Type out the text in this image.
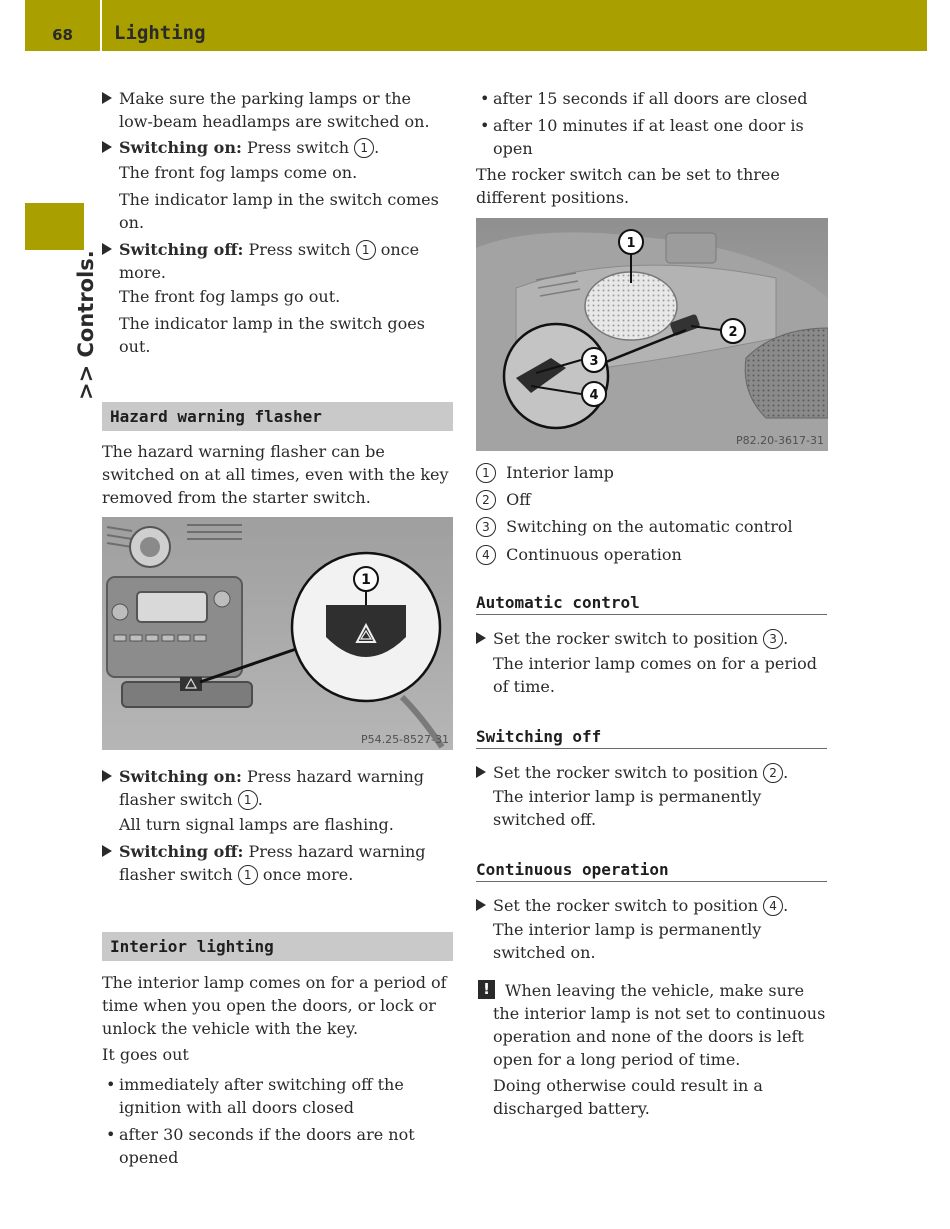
68	Lighting
>> Controls.

Make sure the parking lamps or the low-beam headlamps are switched on.

Switching on: Press switch 1 .

The front fog lamps come on.

The indicator lamp in the switch comes on.

Switching off: Press switch 1 once more.

The front fog lamps go out.

The indicator lamp in the switch goes out.

Hazard warning flasher

The hazard warning flasher can be switched on at all times, even with the key removed from the starter switch.

1
P54.25-8527-31

Switching on: Press hazard warning flasher switch 1 .

All turn signal lamps are flashing.

Switching off: Press hazard warning flasher switch 1 once more.

Interior lighting

The interior lamp comes on for a period of time when you open the doors, or lock or unlock the vehicle with the key.

It goes out

• immediately after switching off the ignition with all doors closed

• after 30 seconds if the doors are not opened

• after 15 seconds if all doors are closed

• after 10 minutes if at least one door is open

The rocker switch can be set to three different positions.

1
2
3
4
P82.20-3617-31

1 Interior lamp

2 Off

3 Switching on the automatic control

4 Continuous operation

Automatic control

Set the rocker switch to position 3 .

The interior lamp comes on for a period of time.

Switching off

Set the rocker switch to position 2 .

The interior lamp is permanently switched off.

Continuous operation

Set the rocker switch to position 4 .

The interior lamp is permanently switched on.

! When leaving the vehicle, make sure the interior lamp is not set to continuous operation and none of the doors is left open for a long period of time.

Doing otherwise could result in a discharged battery.
